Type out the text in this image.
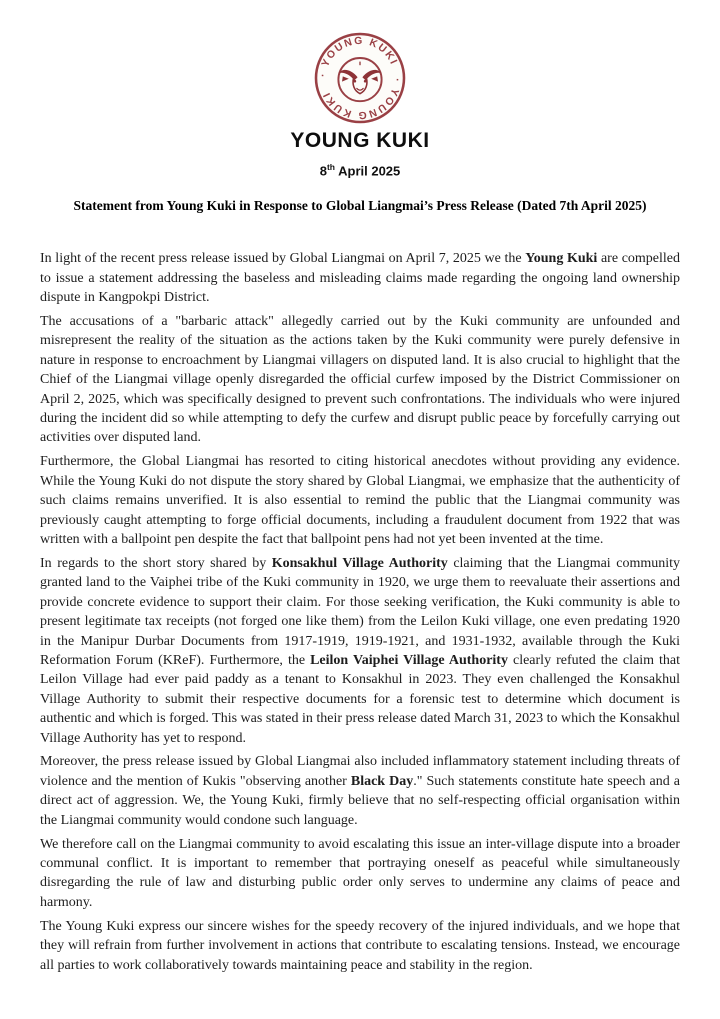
· YOUNG KUKI
· YOUNG KUKI
YOUNG KUKI
8th April 2025
Statement from Young Kuki in Response to Global Liangmai’s Press Release (Dated 7th April 2025)

In light of the recent press release issued by Global Liangmai on April 7, 2025 we the Young Kuki are compelled to issue a statement addressing the baseless and misleading claims made regarding the ongoing land ownership dispute in Kangpokpi District.

The accusations of a "barbaric attack" allegedly carried out by the Kuki community are unfounded and misrepresent the reality of the situation as the actions taken by the Kuki community were purely defensive in nature in response to encroachment by Liangmai villagers on disputed land. It is also crucial to highlight that the Chief of the Liangmai village openly disregarded the official curfew imposed by the District Commissioner on April 2, 2025, which was specifically designed to prevent such confrontations. The individuals who were injured during the incident did so while attempting to defy the curfew and disrupt public peace by forcefully carrying out activities over disputed land.

Furthermore, the Global Liangmai has resorted to citing historical anecdotes without providing any evidence. While the Young Kuki do not dispute the story shared by Global Liangmai, we emphasize that the authenticity of such claims remains unverified. It is also essential to remind the public that the Liangmai community was previously caught attempting to forge official documents, including a fraudulent document from 1922 that was written with a ballpoint pen despite the fact that ballpoint pens had not yet been invented at the time.

In regards to the short story shared by Konsakhul Village Authority claiming that the Liangmai community granted land to the Vaiphei tribe of the Kuki community in 1920, we urge them to reevaluate their assertions and provide concrete evidence to support their claim. For those seeking verification, the Kuki community is able to present legitimate tax receipts (not forged one like them) from the Leilon Kuki village, one even predating 1920 in the Manipur Durbar Documents from 1917-1919, 1919-1921, and 1931-1932, available through the Kuki Reformation Forum (KReF). Furthermore, the Leilon Vaiphei Village Authority clearly refuted the claim that Leilon Village had ever paid paddy as a tenant to Konsakhul in 2023. They even challenged the Konsakhul Village Authority to submit their respective documents for a forensic test to determine which document is authentic and which is forged. This was stated in their press release dated March 31, 2023 to which the Konsakhul Village Authority has yet to respond.

Moreover, the press release issued by Global Liangmai also included inflammatory statement including threats of violence and the mention of Kukis "observing another Black Day." Such statements constitute hate speech and a direct act of aggression. We, the Young Kuki, firmly believe that no self-respecting official organisation within the Liangmai community would condone such language.

We therefore call on the Liangmai community to avoid escalating this issue an inter-village dispute into a broader communal conflict. It is important to remember that portraying oneself as peaceful while simultaneously disregarding the rule of law and disturbing public order only serves to undermine any claims of peace and harmony.

The Young Kuki express our sincere wishes for the speedy recovery of the injured individuals, and we hope that they will refrain from further involvement in actions that contribute to escalating tensions. Instead, we encourage all parties to work collaboratively towards maintaining peace and stability in the region.
